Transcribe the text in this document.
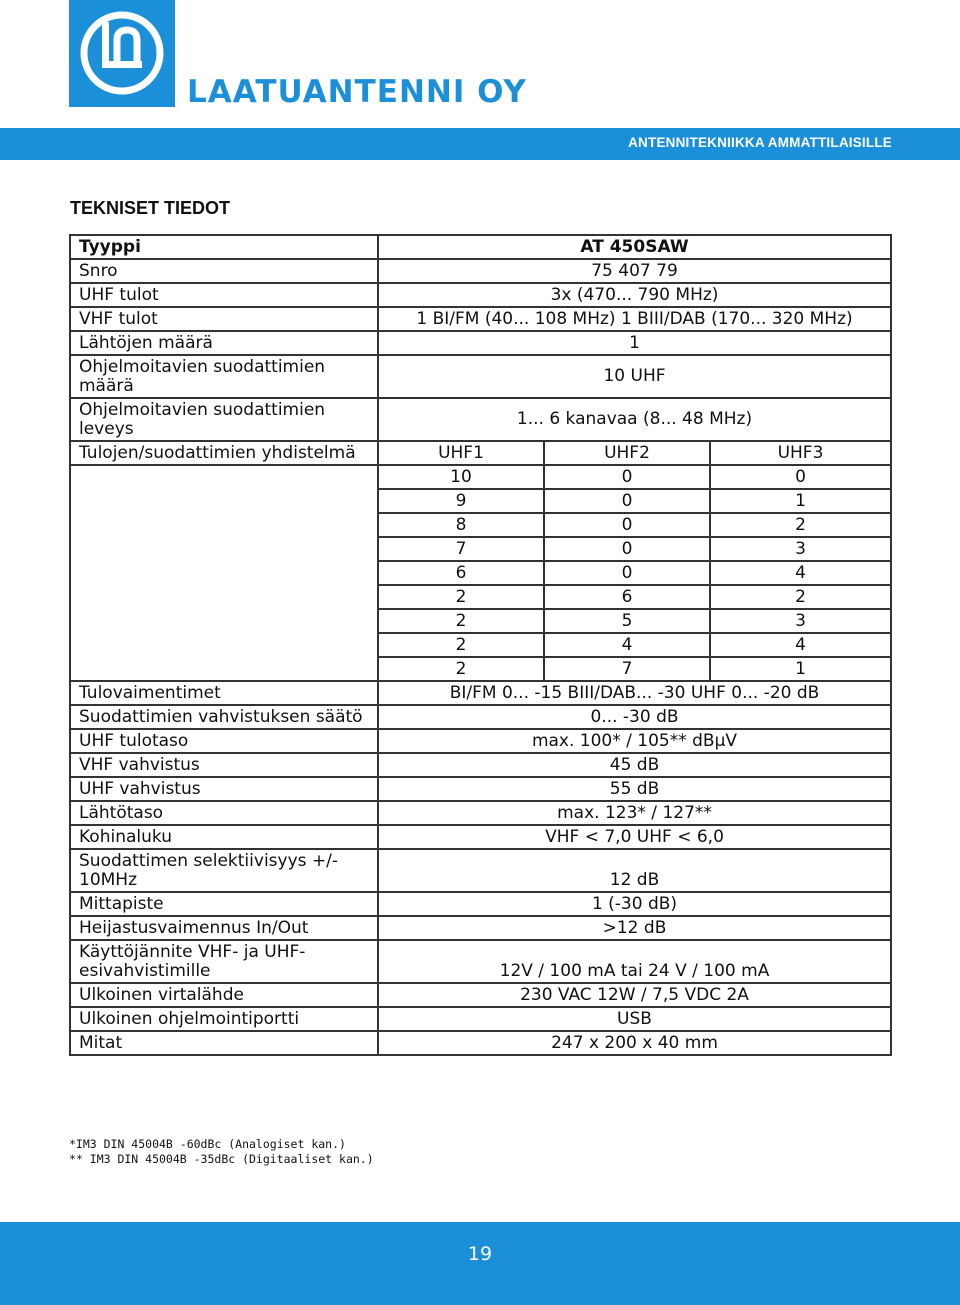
LAATUANTENNI OY
ANTENNITEKNIIKKA AMMATTILAISILLE
TEKNISET TIEDOT
Tyyppi	AT 450SAW		
Snro	75 407 79		
UHF tulot	3x (470... 790 MHz)		
VHF tulot	1 BI/FM (40... 108 MHz) 1 BIII/DAB (170... 320 MHz)		
Lähtöjen määrä	1		
Ohjelmoitavien suodattimien määrä	10 UHF		
Ohjelmoitavien suodattimien leveys	1... 6 kanavaa (8... 48 MHz)		
Tulojen/suodattimien yhdistelmä	UHF1	UHF2	UHF3
	10	0	0
	9	0	1
	8	0	2
	7	0	3
	6	0	4
	2	6	2
	2	5	3
	2	4	4
	2	7	1
Tulovaimentimet	BI/FM 0... -15 BIII/DAB... -30 UHF 0... -20 dB		
Suodattimien vahvistuksen säätö	0... -30 dB		
UHF tulotaso	max. 100* / 105** dBμV		
VHF vahvistus	45 dB		
UHF vahvistus	55 dB		
Lähtötaso	max. 123* / 127**		
Kohinaluku	VHF < 7,0 UHF < 6,0		
Suodattimen selektiivisyys +/- 10MHz	12 dB		
Mittapiste	1 (-30 dB)		
Heijastusvaimennus In/Out	>12 dB		
Käyttöjännite VHF- ja UHF-esivahvistimille	12V / 100 mA tai 24 V / 100 mA		
Ulkoinen virtalähde	230 VAC 12W / 7,5 VDC 2A		
Ulkoinen ohjelmointiportti	USB		
Mitat	247 x 200 x 40 mm		
*IM3 DIN 45004B -60dBc (Analogiset kan.)
** IM3 DIN 45004B -35dBc (Digitaaliset kan.)
19
